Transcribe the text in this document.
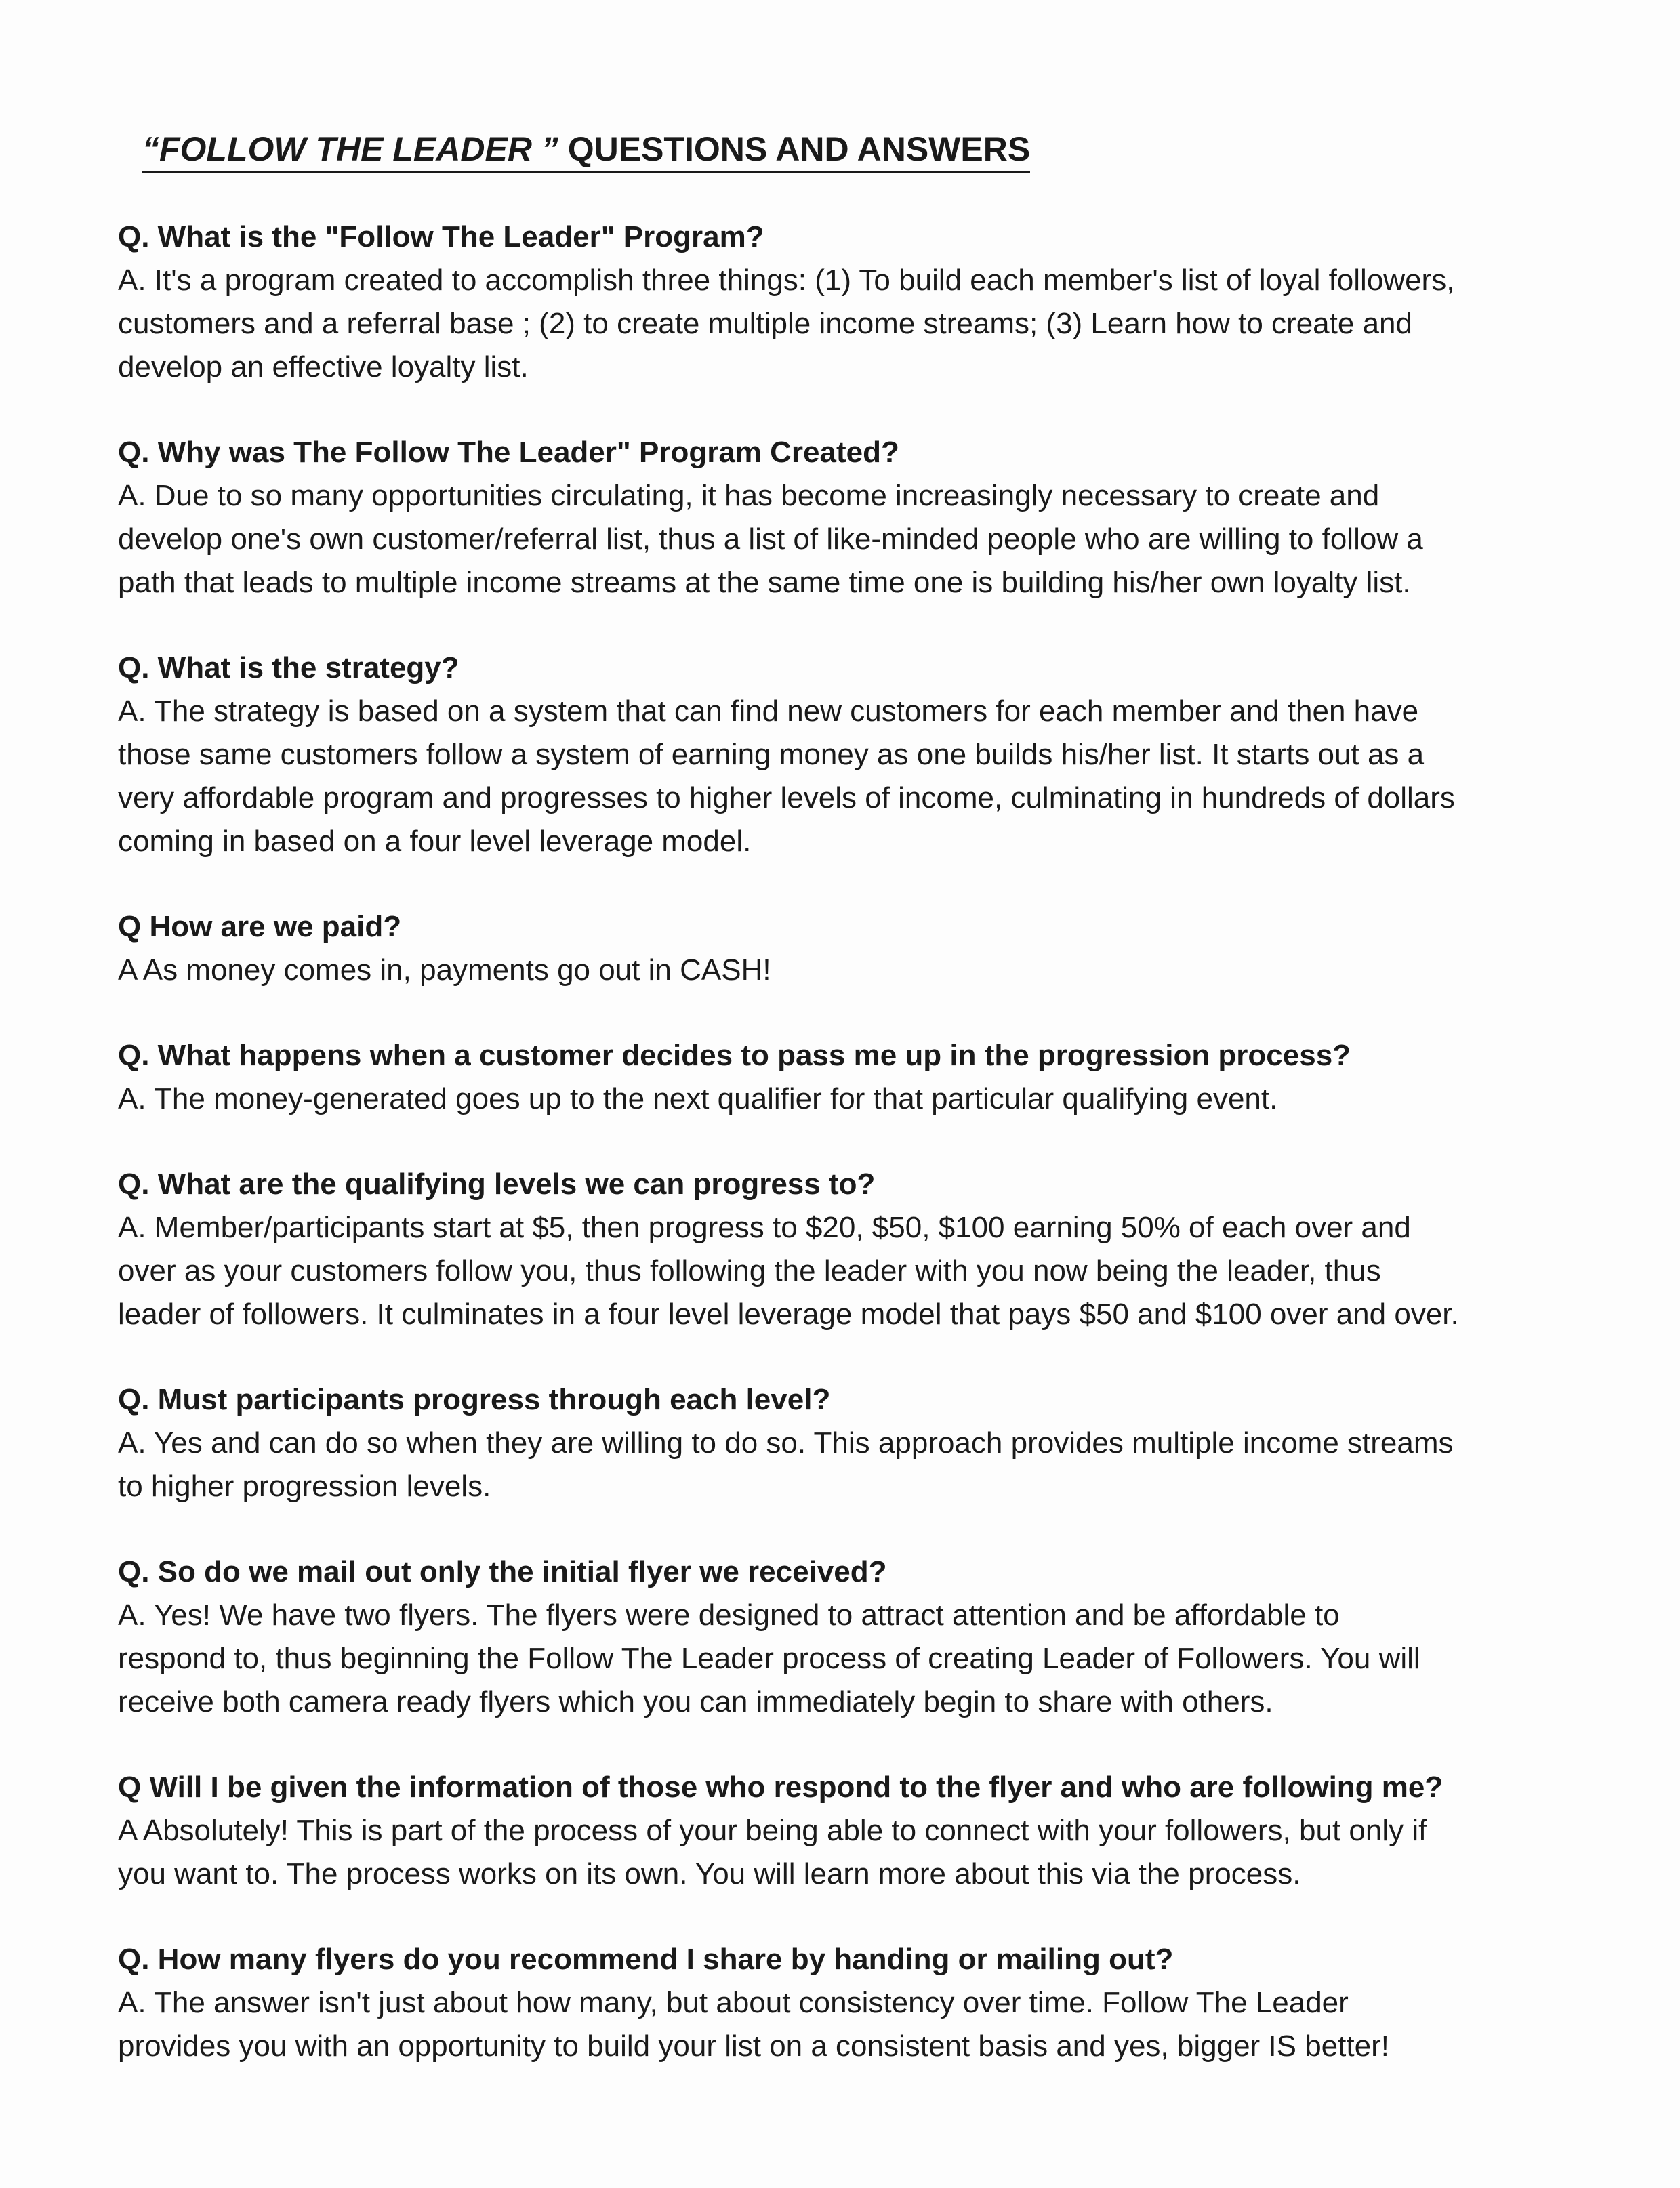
“FOLLOW THE LEADER ” QUESTIONS AND ANSWERS
Q. What is the "Follow The Leader" Program?
A. It's a program created to accomplish three things: (1) To build each member's list of loyal followers,
customers and a referral base ; (2) to create multiple income streams; (3) Learn how to create and
develop an effective loyalty list.
Q. Why was The Follow The Leader" Program Created?
A. Due to so many opportunities circulating, it has become increasingly necessary to create and
develop one's own customer/referral list, thus a list of like-minded people who are willing to follow a
path that leads to multiple income streams at the same time one is building his/her own loyalty list.
Q. What is the strategy?
A. The strategy is based on a system that can find new customers for each member and then have
those same customers follow a system of earning money as one builds his/her list. It starts out as a
very affordable program and progresses to higher levels of income, culminating in hundreds of dollars
coming in based on a four level leverage model.
Q How are we paid?
A As money comes in, payments go out in CASH!
Q. What happens when a customer decides to pass me up in the progression process?
A. The money-generated goes up to the next qualifier for that particular qualifying event.
Q. What are the qualifying levels we can progress to?
A. Member/participants start at $5, then progress to $20, $50, $100 earning 50% of each over and
over as your customers follow you, thus following the leader with you now being the leader, thus
leader of followers. It culminates in a four level leverage model that pays $50 and $100 over and over.
Q. Must participants progress through each level?
A. Yes and can do so when they are willing to do so. This approach provides multiple income streams
to higher progression levels.
Q. So do we mail out only the initial flyer we received?
A. Yes! We have two flyers. The flyers were designed to attract attention and be affordable to
respond to, thus beginning the Follow The Leader process of creating Leader of Followers. You will
receive both camera ready flyers which you can immediately begin to share with others.
Q Will I be given the information of those who respond to the flyer and who are following me?
A Absolutely! This is part of the process of your being able to connect with your followers, but only if
you want to. The process works on its own. You will learn more about this via the process.
Q. How many flyers do you recommend I share by handing or mailing out?
A. The answer isn't just about how many, but about consistency over time. Follow The Leader
provides you with an opportunity to build your list on a consistent basis and yes, bigger IS better!
